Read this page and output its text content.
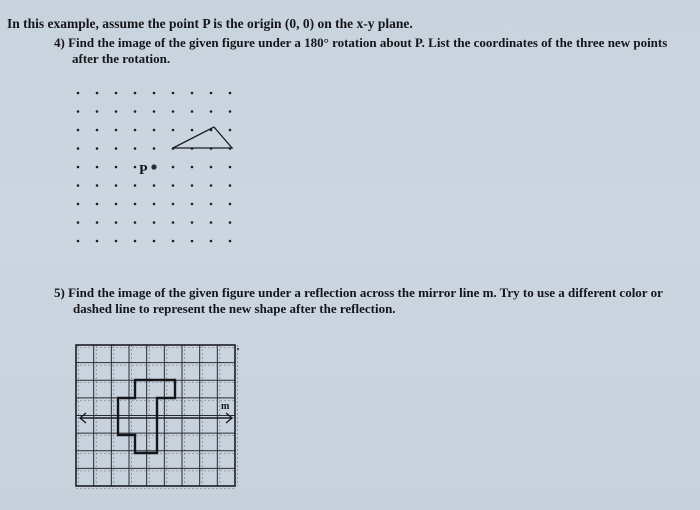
In this example, assume the point P is the origin (0, 0) on the x-y plane.
4) Find the image of the given figure under a 180° rotation about P. List the coordinates of the three new points
after the rotation.
P
5) Find the image of the given figure under a reflection across the mirror line m. Try to use a different color or
dashed line to represent the new shape after the reflection.
m
